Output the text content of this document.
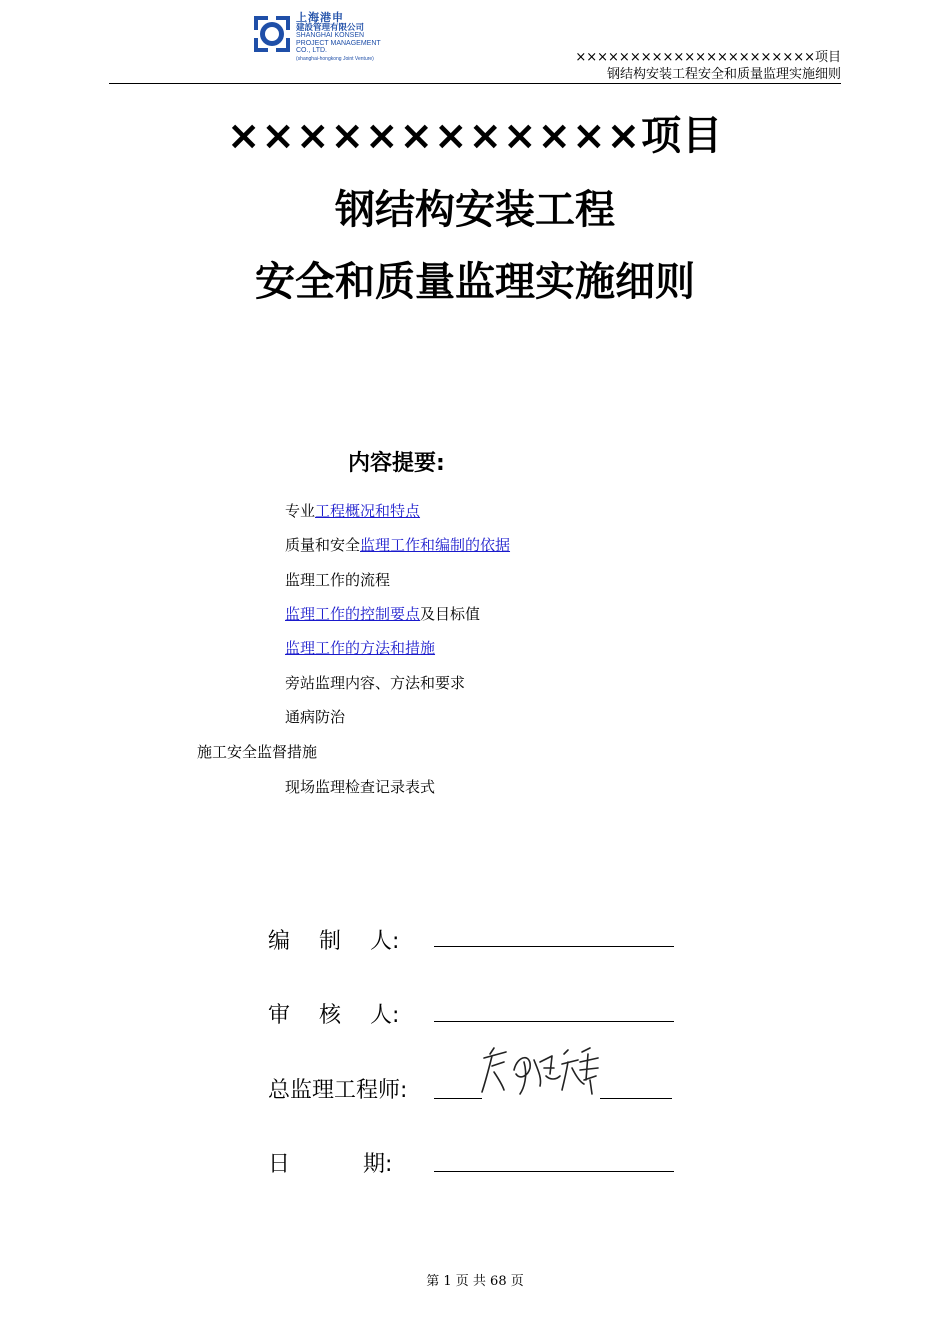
上海港申
建設管理有限公司
SHANGHAI KONSEN
PROJECT MANAGEMENT
CO., LTD.
(shanghai-hongkong Joint Venture)	××××××××××××××××××××××项目
钢结构安装工程安全和质量监理实施细则
××××××××××××项目
钢结构安装工程
安全和质量监理实施细则
内容提要:
专业工程概况和特点
质量和安全监理工作和编制的依据
监理工作的流程
监理工作的控制要点及目标值
监理工作的方法和措施
旁站监理内容、方法和要求
通病防治
施工安全监督措施
现场监理检查记录表式
编　 制　 人:
审　 核　 人:
总监理工程师:
日　　　 期:
第 1 页 共 68 页
